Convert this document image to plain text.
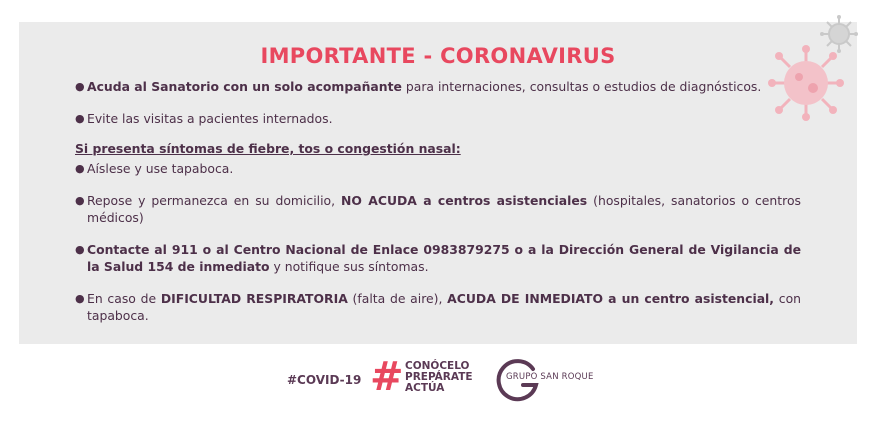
IMPORTANTE - CORONAVIRUS
● Acuda al Sanatorio con un solo acompañante para internaciones, consultas o estudios de diagnósticos.
● Evite las visitas a pacientes internados.
Si presenta síntomas de fiebre, tos o congestión nasal:
● Aíslese y use tapaboca.
● Repose y permanezca en su domicilio, NO ACUDA a centros asistenciales (hospitales, sanatorios o centros médicos)
● Contacte al 911 o al Centro Nacional de Enlace 0983879275 o a la Dirección General de Vigilancia de la Salud 154 de inmediato y notifique sus síntomas.
● En caso de DIFICULTAD RESPIRATORIA (falta de aire), ACUDA DE INMEDIATO a un centro asistencial, con tapaboca.
#COVID-19 # CONÓCELO
PREPÁRATE
ACTÚA
GRUPO SAN ROQUE
